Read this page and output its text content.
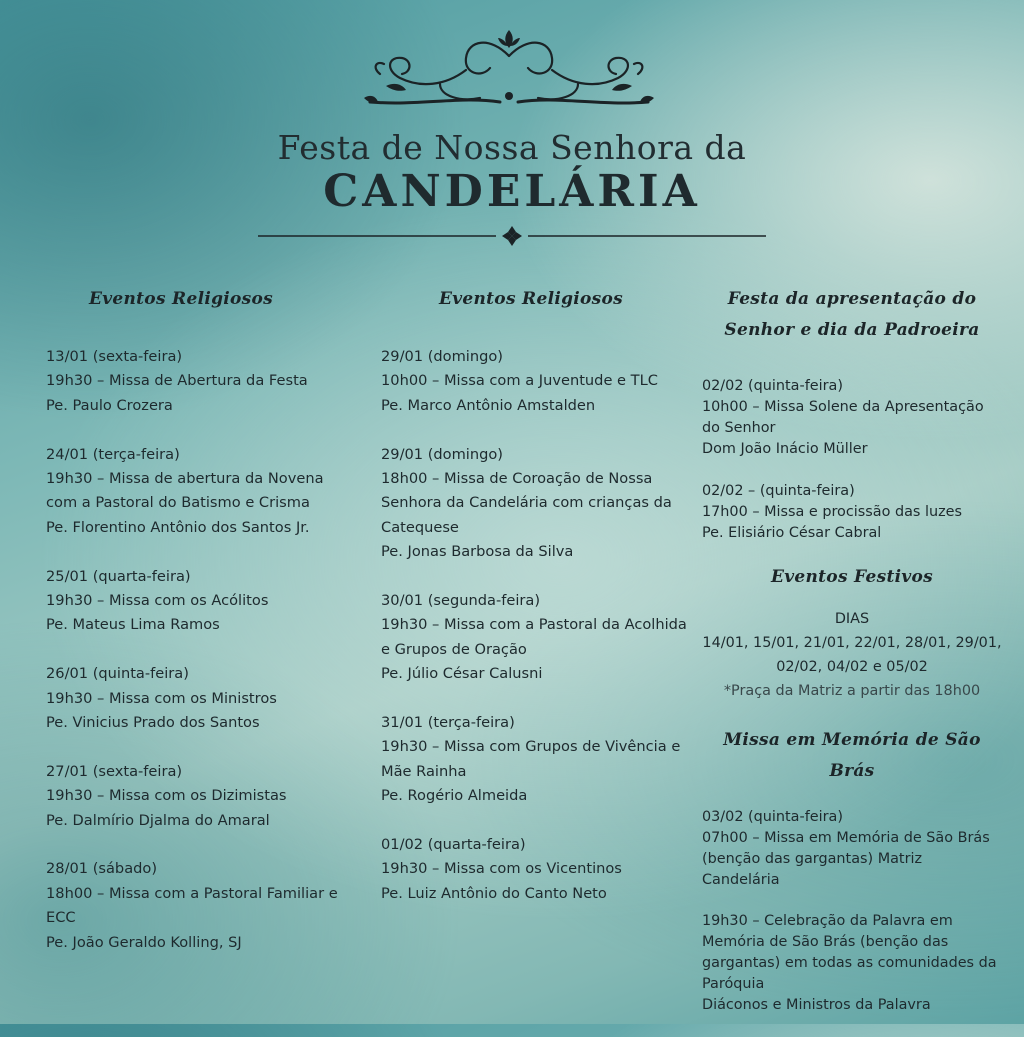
Festa de Nossa Senhora da
CANDELÁRIA
Eventos Religiosos
13/01 (sexta-feira)
19h30 – Missa de Abertura da Festa
Pe. Paulo Crozera
24/01 (terça-feira)
19h30 – Missa de abertura da Novena com a Pastoral do Batismo e Crisma
Pe. Florentino Antônio dos Santos Jr.
25/01 (quarta-feira)
19h30 – Missa com os Acólitos
Pe. Mateus Lima Ramos
26/01 (quinta-feira)
19h30 – Missa com os Ministros
Pe. Vinicius Prado dos Santos
27/01 (sexta-feira)
19h30 – Missa com os Dizimistas
Pe. Dalmírio Djalma do Amaral
28/01 (sábado)
18h00 – Missa com a Pastoral Familiar e ECC
Pe. João Geraldo Kolling, SJ
Eventos Religiosos
29/01 (domingo)
10h00 – Missa com a Juventude e TLC
Pe. Marco Antônio Amstalden
29/01 (domingo)
18h00 – Missa de Coroação de Nossa Senhora da Candelária com crianças da Catequese
Pe. Jonas Barbosa da Silva
30/01 (segunda-feira)
19h30 – Missa com a Pastoral da Acolhida e Grupos de Oração
Pe. Júlio César Calusni
31/01 (terça-feira)
19h30 – Missa com Grupos de Vivência e Mãe Rainha
Pe. Rogério Almeida
01/02 (quarta-feira)
19h30 – Missa com os Vicentinos
Pe. Luiz Antônio do Canto Neto
Festa da apresentação do Senhor e dia da Padroeira
02/02 (quinta-feira)
10h00 – Missa Solene da Apresentação do Senhor
Dom João Inácio Müller
02/02 – (quinta-feira)
17h00 – Missa e procissão das luzes
Pe. Elisiário César Cabral
Eventos Festivos
DIAS
14/01, 15/01, 21/01, 22/01, 28/01, 29/01, 02/02, 04/02 e 05/02
*Praça da Matriz a partir das 18h00
Missa em Memória de São Brás
03/02 (quinta-feira)
07h00 – Missa em Memória de São Brás (benção das gargantas) Matriz Candelária
19h30 – Celebração da Palavra em Memória de São Brás (benção das gargantas) em todas as comunidades da Paróquia
Diáconos e Ministros da Palavra
